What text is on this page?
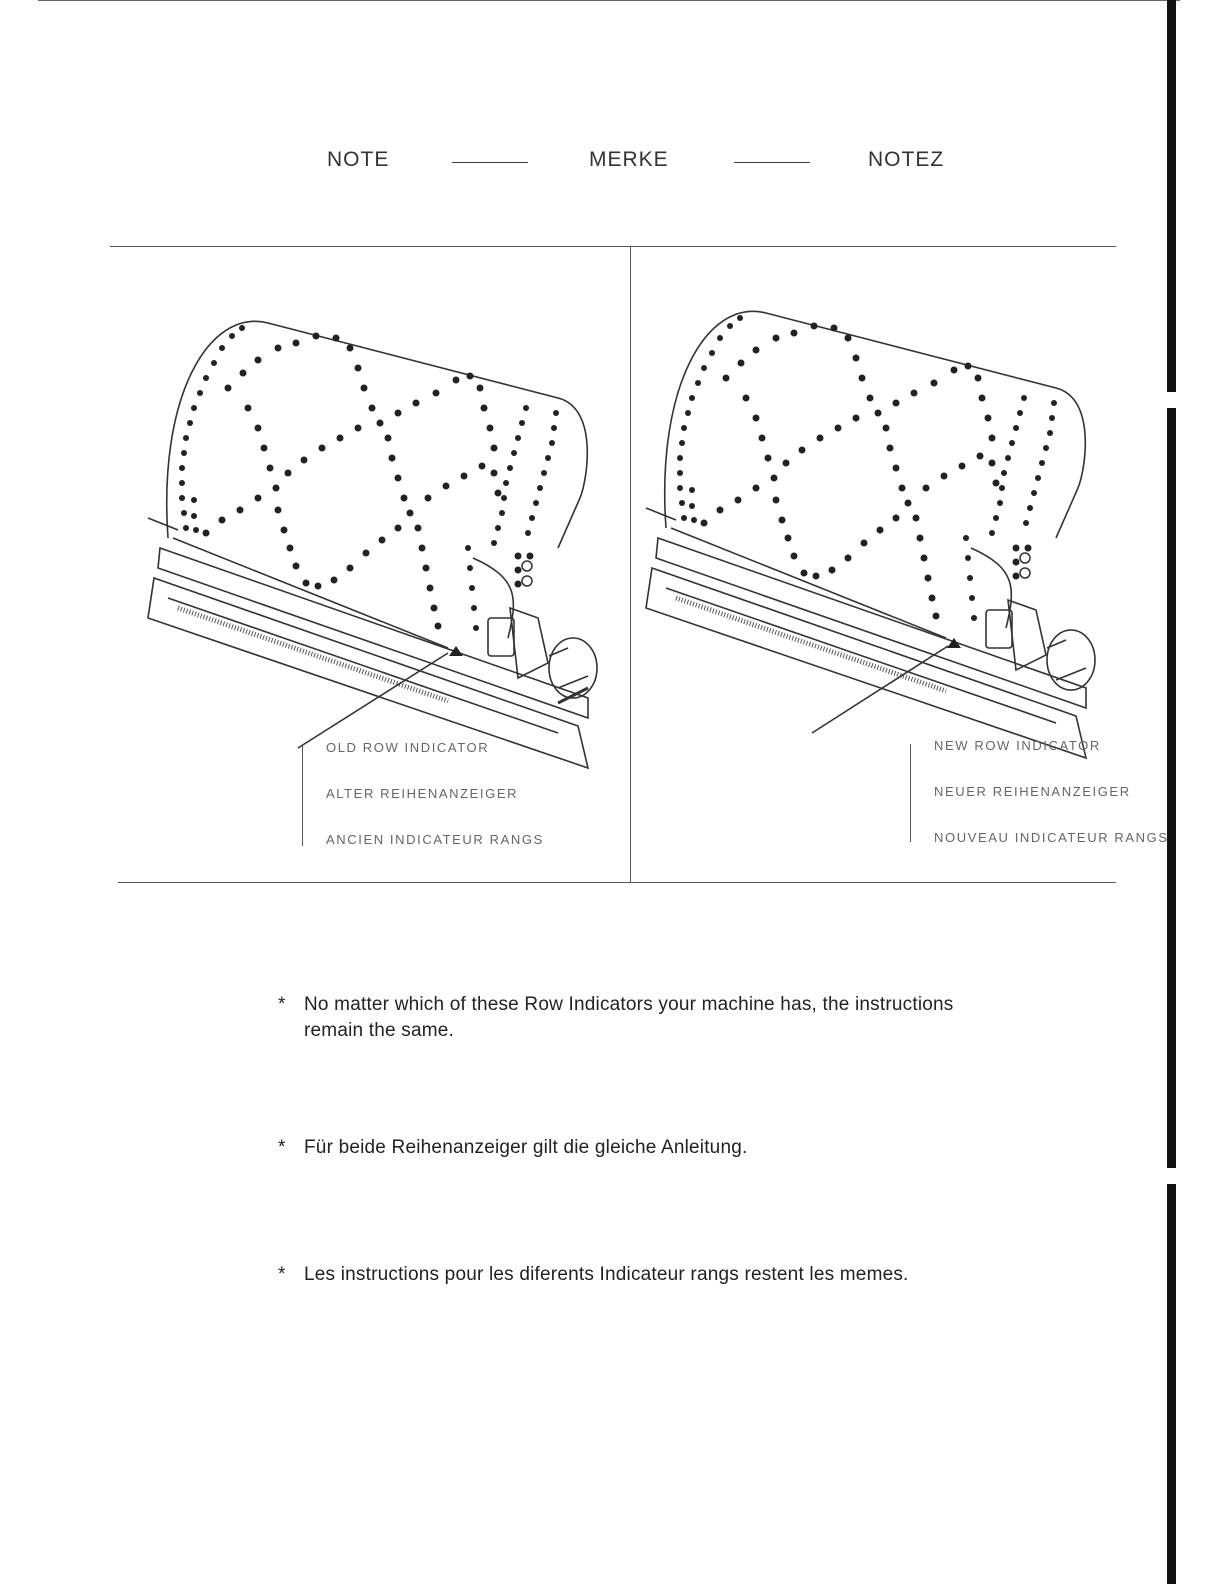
NOTE	MERKE	NOTEZ
OLD ROW INDICATOR
ALTER REIHENANZEIGER
ANCIEN INDICATEUR RANGS
NEW ROW INDICATOR
NEUER REIHENANZEIGER
NOUVEAU INDICATEUR RANGS
* No matter which of these Row Indicators your machine has, the instructions remain the same.
* Für beide Reihenanzeiger gilt die gleiche Anleitung.
* Les instructions pour les diferents Indicateur rangs restent les memes.
